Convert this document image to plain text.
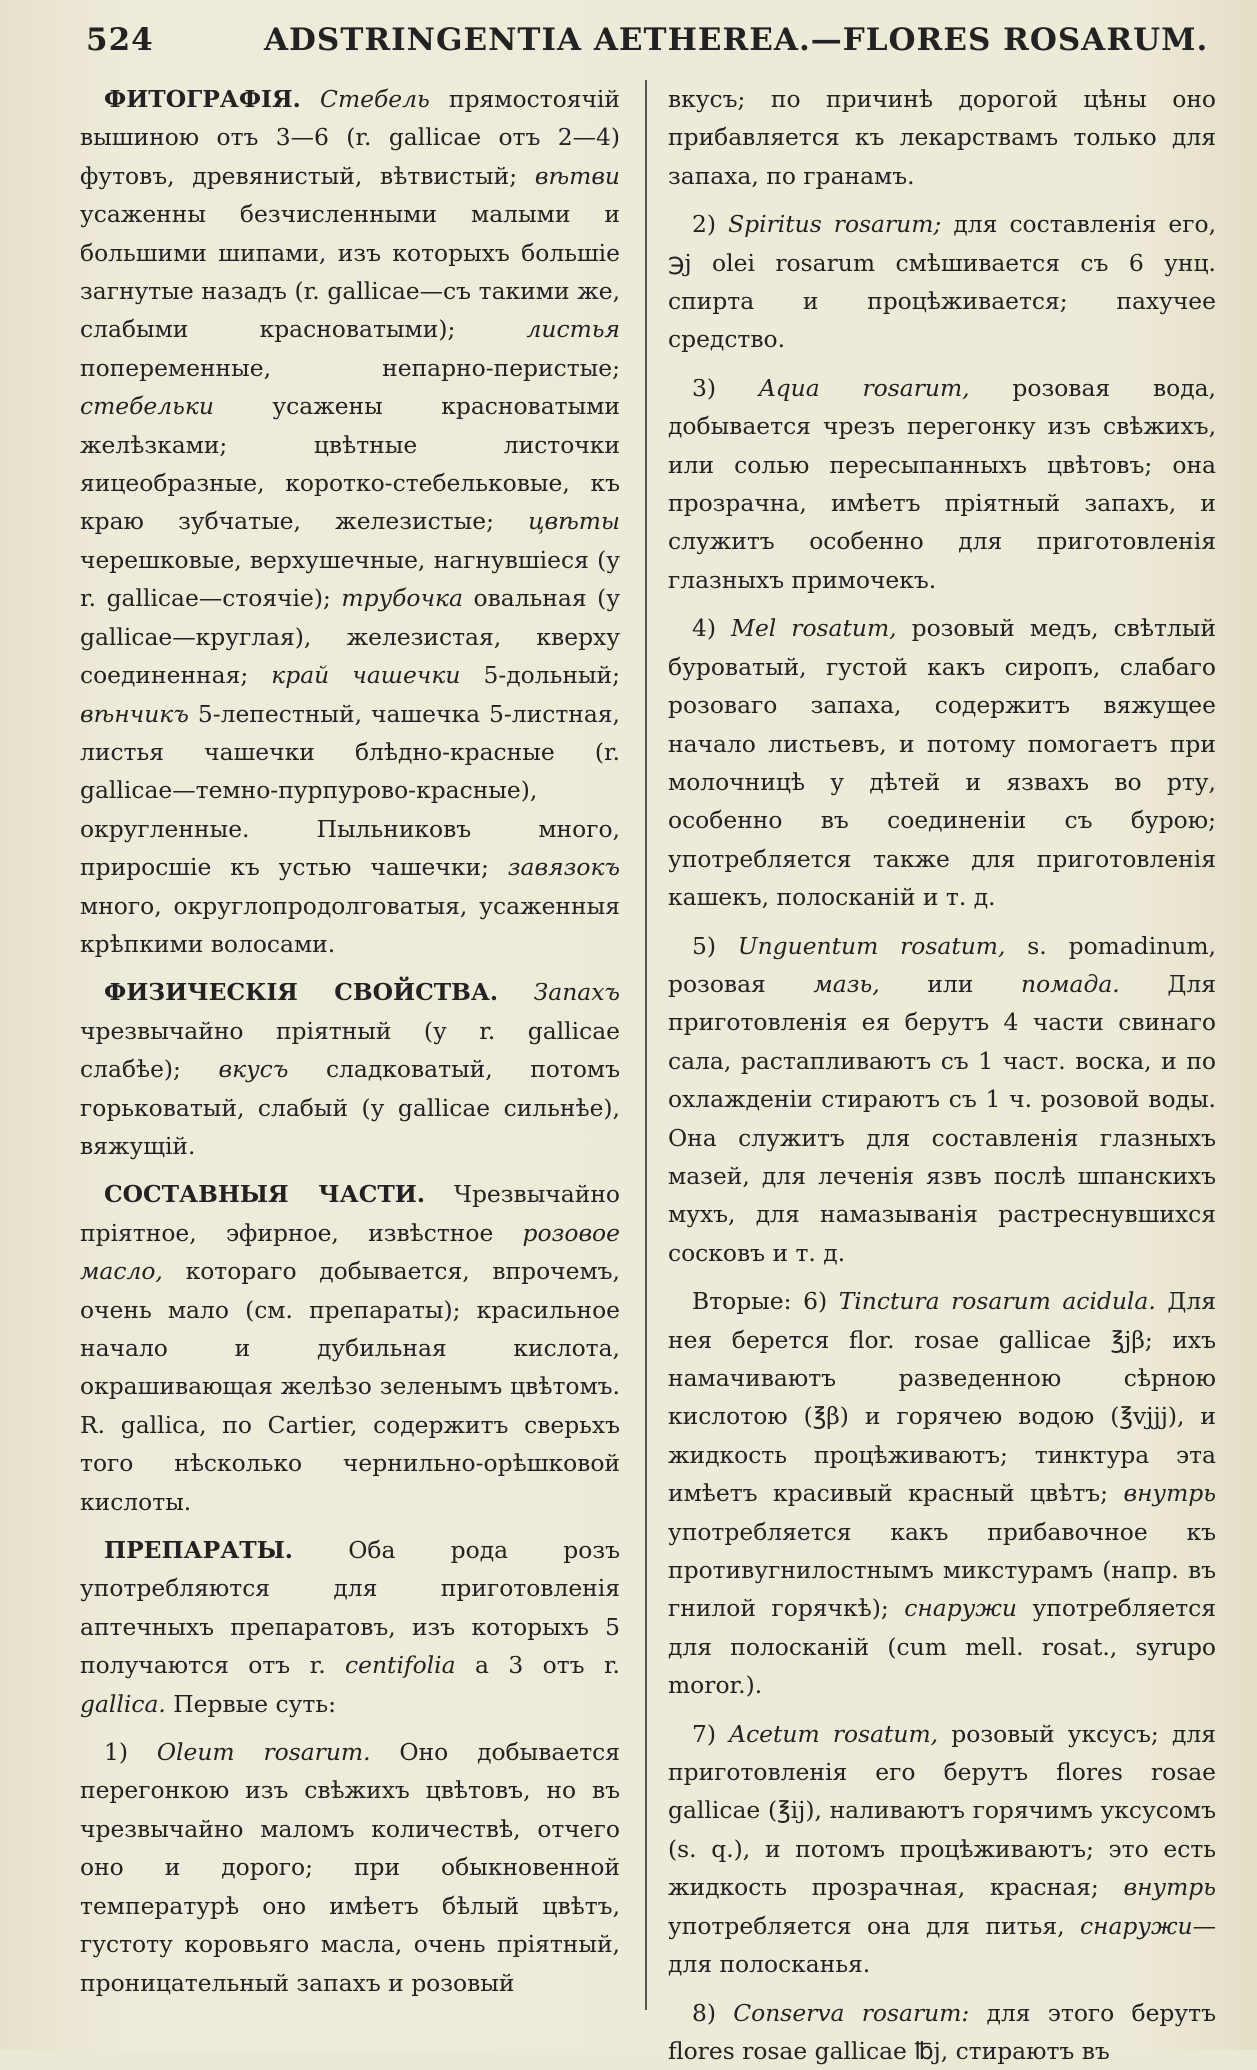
524	ADSTRINGENTIA AETHEREA.—FLORES ROSARUM.

ФИТОГРАФІЯ. Стебель прямостоячій вышиною отъ 3—6 (r. gallicae отъ 2—4) футовъ, древянистый, вѣтвистый; вѣтви усаженны безчисленными малыми и большими шипами, изъ которыхъ большіе загнутые назадъ (r. gallicae—съ такими же, слабыми красноватыми); листья попеременные, непарно-перистые; стебельки усажены красноватыми желѣзками; цвѣтные листочки яицеобразные, коротко-стебельковые, къ краю зубчатые, железистые; цвѣты черешковые, верхушечные, нагнувшіеся (у r. gallicae—стоячіе); трубочка овальная (у gallicae—круглая), железистая, кверху соединенная; край чашечки 5-дольный; вѣнчикъ 5-лепестный, чашечка 5-листная, листья чашечки блѣдно-красные (r. gallicae—темно-пурпурово-красные), округленные. Пыльниковъ много, приросшіе къ устью чашечки; завязокъ много, округлопродолговатыя, усаженныя крѣпкими волосами.

ФИЗИЧЕСКІЯ СВОЙСТВА. Запахъ чрезвычайно пріятный (у r. gallicae слабѣе); вкусъ сладковатый, потомъ горьковатый, слабый (у gallicae сильнѣе), вяжущій.

СОСТАВНЫЯ ЧАСТИ. Чрезвычайно пріятное, эфирное, извѣстное розовое масло, котораго добывается, впрочемъ, очень мало (см. препараты); красильное начало и дубильная кислота, окрашивающая желѣзо зеленымъ цвѣтомъ. R. gallica, по Cartier, содержитъ сверьхъ того нѣсколько чернильно-орѣшковой кислоты.

ПРЕПАРАТЫ. Оба рода розъ употребляются для приготовленія аптечныхъ препаратовъ, изъ которыхъ 5 получаются отъ r. centifolia а 3 отъ r. gallica. Первые суть:

1) Oleum rosarum. Оно добывается перегонкою изъ свѣжихъ цвѣтовъ, но въ чрезвычайно маломъ количествѣ, отчего оно и дорого; при обыкновенной температурѣ оно имѣетъ бѣлый цвѣтъ, густоту коровьяго масла, очень пріятный, проницательный запахъ и розовый

вкусъ; по причинѣ дорогой цѣны оно прибавляется къ лекарствамъ только для запаха, по гранамъ.

2) Spiritus rosarum; для составленія его, ℈j olei rosarum смѣшивается съ 6 унц. спирта и процѣживается; пахучее средство.

3) Aqua rosarum, розовая вода, добывается чрезъ перегонку изъ свѣжихъ, или солью пересыпанныхъ цвѣтовъ; она прозрачна, имѣетъ пріятный запахъ, и служитъ особенно для приготовленія глазныхъ примочекъ.

4) Mel rosatum, розовый медъ, свѣтлый буроватый, густой какъ сиропъ, слабаго розоваго запаха, содержитъ вяжущее начало листьевъ, и потому помогаетъ при молочницѣ у дѣтей и язвахъ во рту, особенно въ соединеніи съ бурою; употребляется также для приготовленія кашекъ, полосканій и т. д.

5) Unguentum rosatum, s. pomadinum, розовая мазь, или помада. Для приготовленія ея берутъ 4 части свинаго сала, растапливаютъ съ 1 част. воска, и по охлажденіи стираютъ съ 1 ч. розовой воды. Она служитъ для составленія глазныхъ мазей, для леченія язвъ послѣ шпанскихъ мухъ, для намазыванія растреснувшихся сосковъ и т. д.

Вторые: 6) Tinctura rosarum acidula. Для нея берется flor. rosae gallicae ℥jβ; ихъ намачиваютъ разведенною сѣрною кислотою (℥β) и горячею водою (℥vjjj), и жидкость процѣживаютъ; тинктура эта имѣетъ красивый красный цвѣтъ; внутрь употребляется какъ прибавочное къ противугнилостнымъ микстурамъ (напр. въ гнилой горячкѣ); снаружи употребляется для полосканій (cum mell. rosat., syrupo moror.).

7) Acetum rosatum, розовый уксусъ; для приготовленія его берутъ flores rosae gallicae (℥ij), наливаютъ горячимъ уксусомъ (s. q.), и потомъ процѣживаютъ; это есть жидкость прозрачная, красная; внутрь употребляется она для питья, снаружи—для полосканья.

8) Conserva rosarum: для этого берутъ flores rosae gallicae ℔j, стираютъ въ
